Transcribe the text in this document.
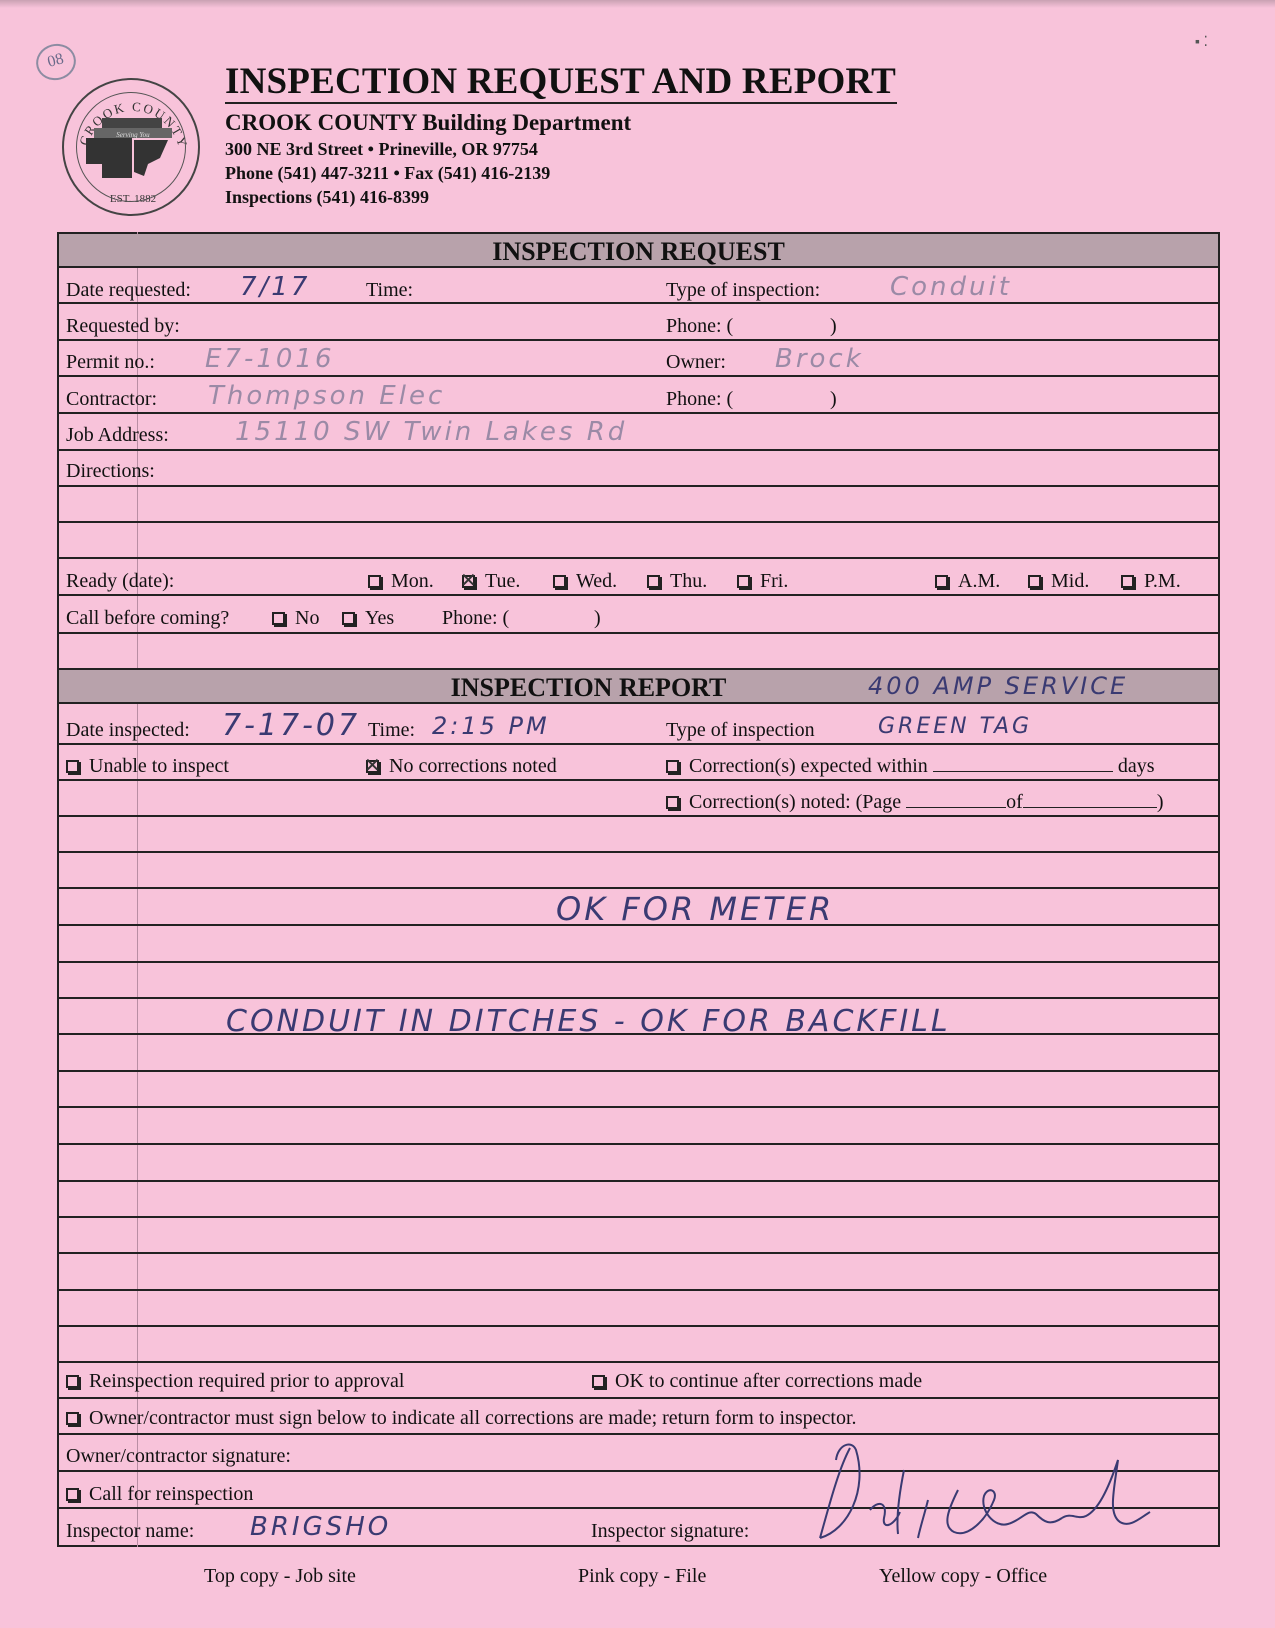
08
CROOK COUNTY
Serving You
EST. 1882
INSPECTION REQUEST AND REPORT
CROOK COUNTY Building Department
300 NE 3rd Street • Prineville, OR 97754
Phone (541) 447-3211 • Fax (541) 416-2139
Inspections (541) 416-8399
▪ ⁚
INSPECTION REQUEST
Date requested: 7/17	Time:	Type of inspection:	Conduit
Requested by:	Phone: (	)
Permit no.: E7-1016	Owner: Brock
Contractor: Thompson Elec	Phone: (	)
Job Address:	15110 SW Twin Lakes Rd
Directions:
Ready (date):	Mon. ✕	Tue.	Wed.	Thu.	Fri.	A.M.	Mid.	P.M.
Call before coming?	No	Yes Phone: (	)
INSPECTION REPORT	400 AMP SERVICE
Date inspected: 7-17-07 Time: 2:15 PM	Type of inspection	GREEN TAG
Unable to inspect ✕	No corrections noted	Correction(s) expected within	days
Correction(s) noted: (Page	of	)
OK FOR METER
CONDUIT IN DITCHES - OK FOR BACKFILL
Reinspection required prior to approval	OK to continue after corrections made
Owner/contractor must sign below to indicate all corrections are made; return form to inspector.
Owner/contractor signature:
Call for reinspection
Inspector name: BRIGSHO	Inspector signature:
Top copy - Job site	Pink copy - File	Yellow copy - Office
